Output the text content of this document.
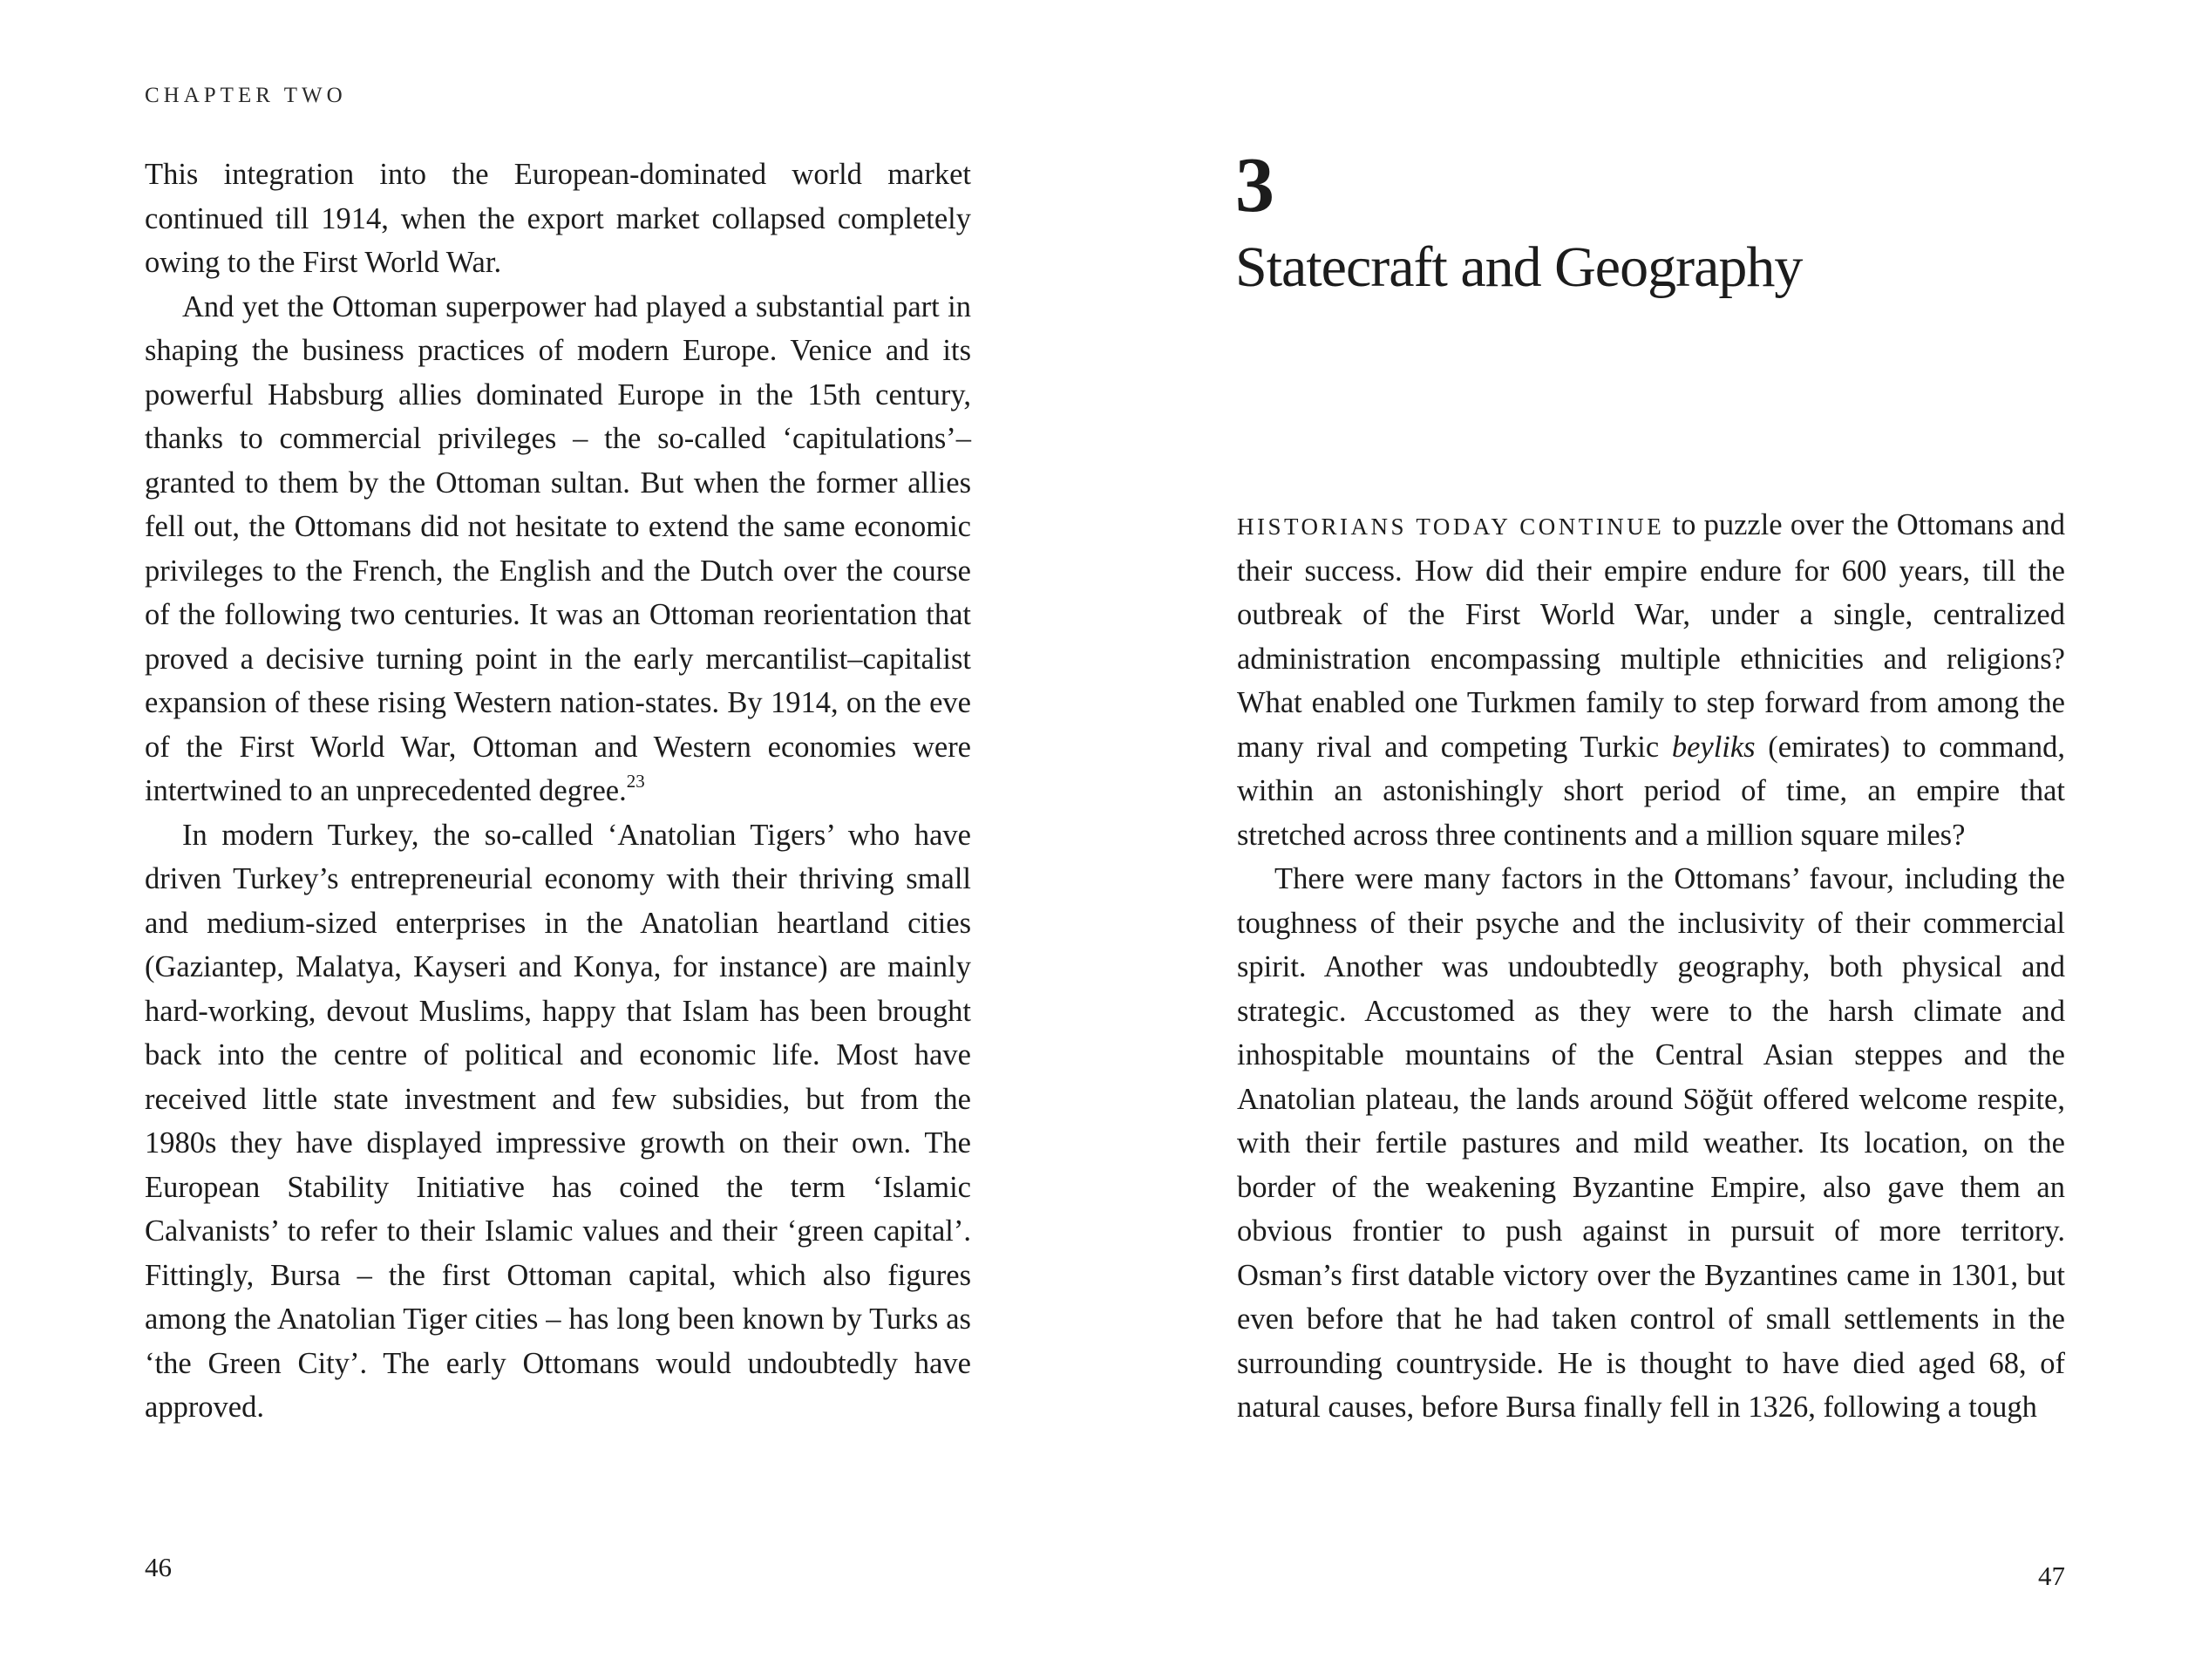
CHAPTER TWO

This integration into the European-dominated world market continued till 1914, when the export market collapsed completely owing to the First World War.

And yet the Ottoman superpower had played a substantial part in shaping the business practices of modern Europe. Venice and its powerful Habsburg allies dominated Europe in the 15th century, thanks to commercial privileges – the so-called ‘capitulations’– granted to them by the Ottoman sultan. But when the former allies fell out, the Ottomans did not hesitate to extend the same economic privileges to the French, the English and the Dutch over the course of the following two centuries. It was an Ottoman reorientation that proved a decisive turning point in the early mercantilist–capitalist expansion of these rising Western nation-states. By 1914, on the eve of the First World War, Ottoman and Western economies were intertwined to an unprecedented degree.$^{23}$

In modern Turkey, the so-called ‘Anatolian Tigers’ who have driven Turkey’s entrepreneurial economy with their thriving small and medium-sized enterprises in the Anatolian heartland cities (Gaziantep, Malatya, Kayseri and Konya, for instance) are mainly hard-working, devout Muslims, happy that Islam has been brought back into the centre of political and economic life. Most have received little state investment and few subsidies, but from the 1980s they have displayed impressive growth on their own. The European Stability Initiative has coined the term ‘Islamic Calvanists’ to refer to their Islamic values and their ‘green capital’. Fittingly, Bursa – the first Ottoman capital, which also figures among the Anatolian Tiger cities – has long been known by Turks as ‘the Green City’. The early Ottomans would undoubtedly have approved.

46
3
Statecraft and Geography

HISTORIANS TODAY CONTINUE to puzzle over the Ottomans and their success. How did their empire endure for 600 years, till the outbreak of the First World War, under a single, centralized administration encompassing multiple ethnicities and religions? What enabled one Turkmen family to step forward from among the many rival and competing Turkic beyliks (emirates) to command, within an astonishingly short period of time, an empire that stretched across three continents and a million square miles?

There were many factors in the Ottomans’ favour, including the toughness of their psyche and the inclusivity of their commercial spirit. Another was undoubtedly geography, both physical and strategic. Accustomed as they were to the harsh climate and inhospitable mountains of the Central Asian steppes and the Anatolian plateau, the lands around Söğüt offered welcome respite, with their fertile pastures and mild weather. Its location, on the border of the weakening Byzantine Empire, also gave them an obvious frontier to push against in pursuit of more territory. Osman’s first datable victory over the Byzantines came in 1301, but even before that he had taken control of small settlements in the surrounding countryside. He is thought to have died aged 68, of natural causes, before Bursa finally fell in 1326, following a tough

47
